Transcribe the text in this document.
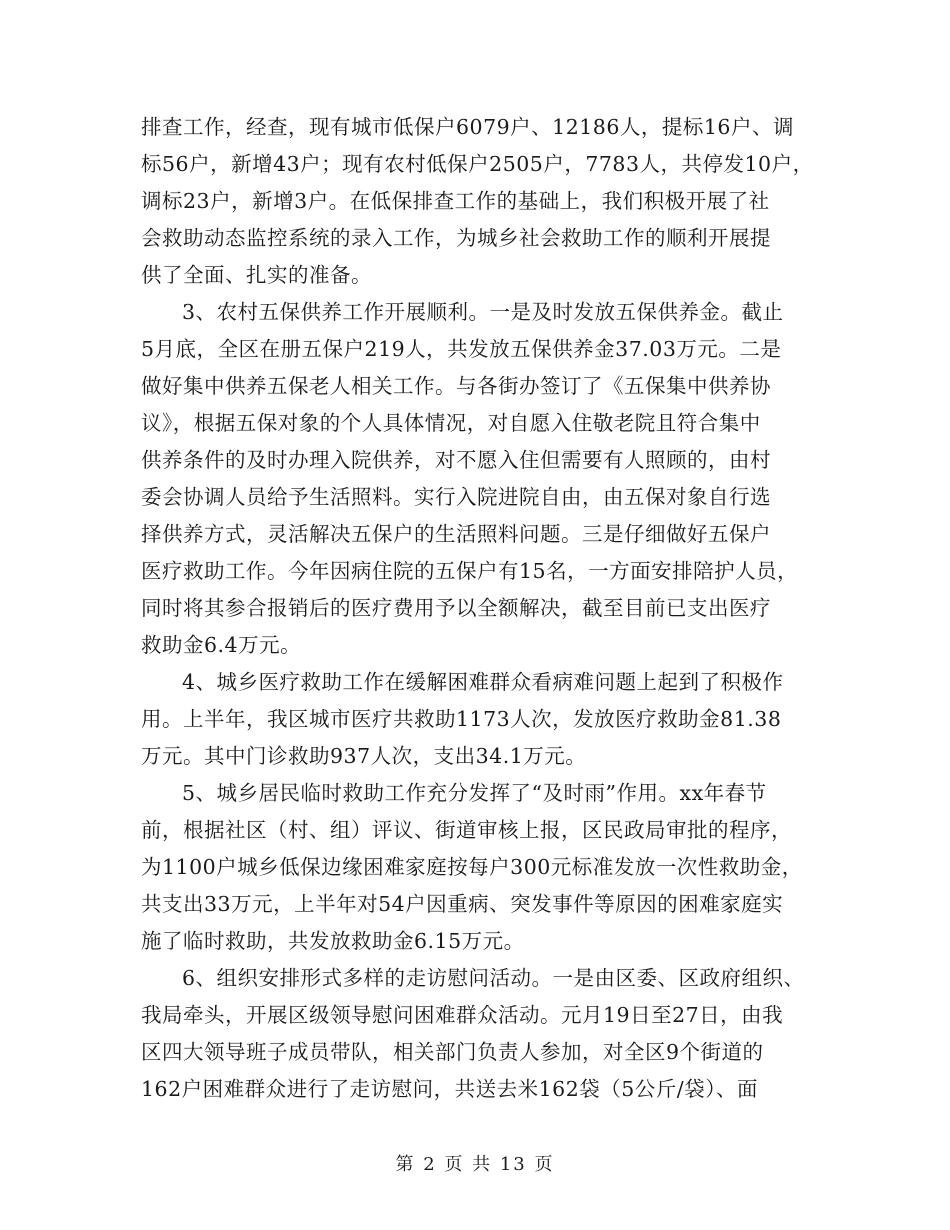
排查工作，经查，现有城市低保户6079户、12186人，提标16户、调
标56户，新增43户；现有农村低保户2505户，7783人，共停发10户，
调标23户，新增3户。在低保排查工作的基础上，我们积极开展了社
会救助动态监控系统的录入工作，为城乡社会救助工作的顺利开展提
供了全面、扎实的准备。
3、农村五保供养工作开展顺利。一是及时发放五保供养金。截止
5月底，全区在册五保户219人，共发放五保供养金37.03万元。二是
做好集中供养五保老人相关工作。与各街办签订了《五保集中供养协
议》，根据五保对象的个人具体情况，对自愿入住敬老院且符合集中
供养条件的及时办理入院供养，对不愿入住但需要有人照顾的，由村
委会协调人员给予生活照料。实行入院进院自由，由五保对象自行选
择供养方式，灵活解决五保户的生活照料问题。三是仔细做好五保户
医疗救助工作。今年因病住院的五保户有15名，一方面安排陪护人员，
同时将其参合报销后的医疗费用予以全额解决，截至目前已支出医疗
救助金6.4万元。
4、城乡医疗救助工作在缓解困难群众看病难问题上起到了积极作
用。上半年，我区城市医疗共救助1173人次，发放医疗救助金81.38
万元。其中门诊救助937人次，支出34.1万元。
5、城乡居民临时救助工作充分发挥了“及时雨”作用。xx年春节
前，根据社区（村、组）评议、街道审核上报，区民政局审批的程序，
为1100户城乡低保边缘困难家庭按每户300元标准发放一次性救助金，
共支出33万元，上半年对54户因重病、突发事件等原因的困难家庭实
施了临时救助，共发放救助金6.15万元。
6、组织安排形式多样的走访慰问活动。一是由区委、区政府组织、
我局牵头，开展区级领导慰问困难群众活动。元月19日至27日，由我
区四大领导班子成员带队，相关部门负责人参加，对全区9个街道的
162户困难群众进行了走访慰问，共送去米162袋（5公斤/袋）、面
第 2 页 共 13 页
